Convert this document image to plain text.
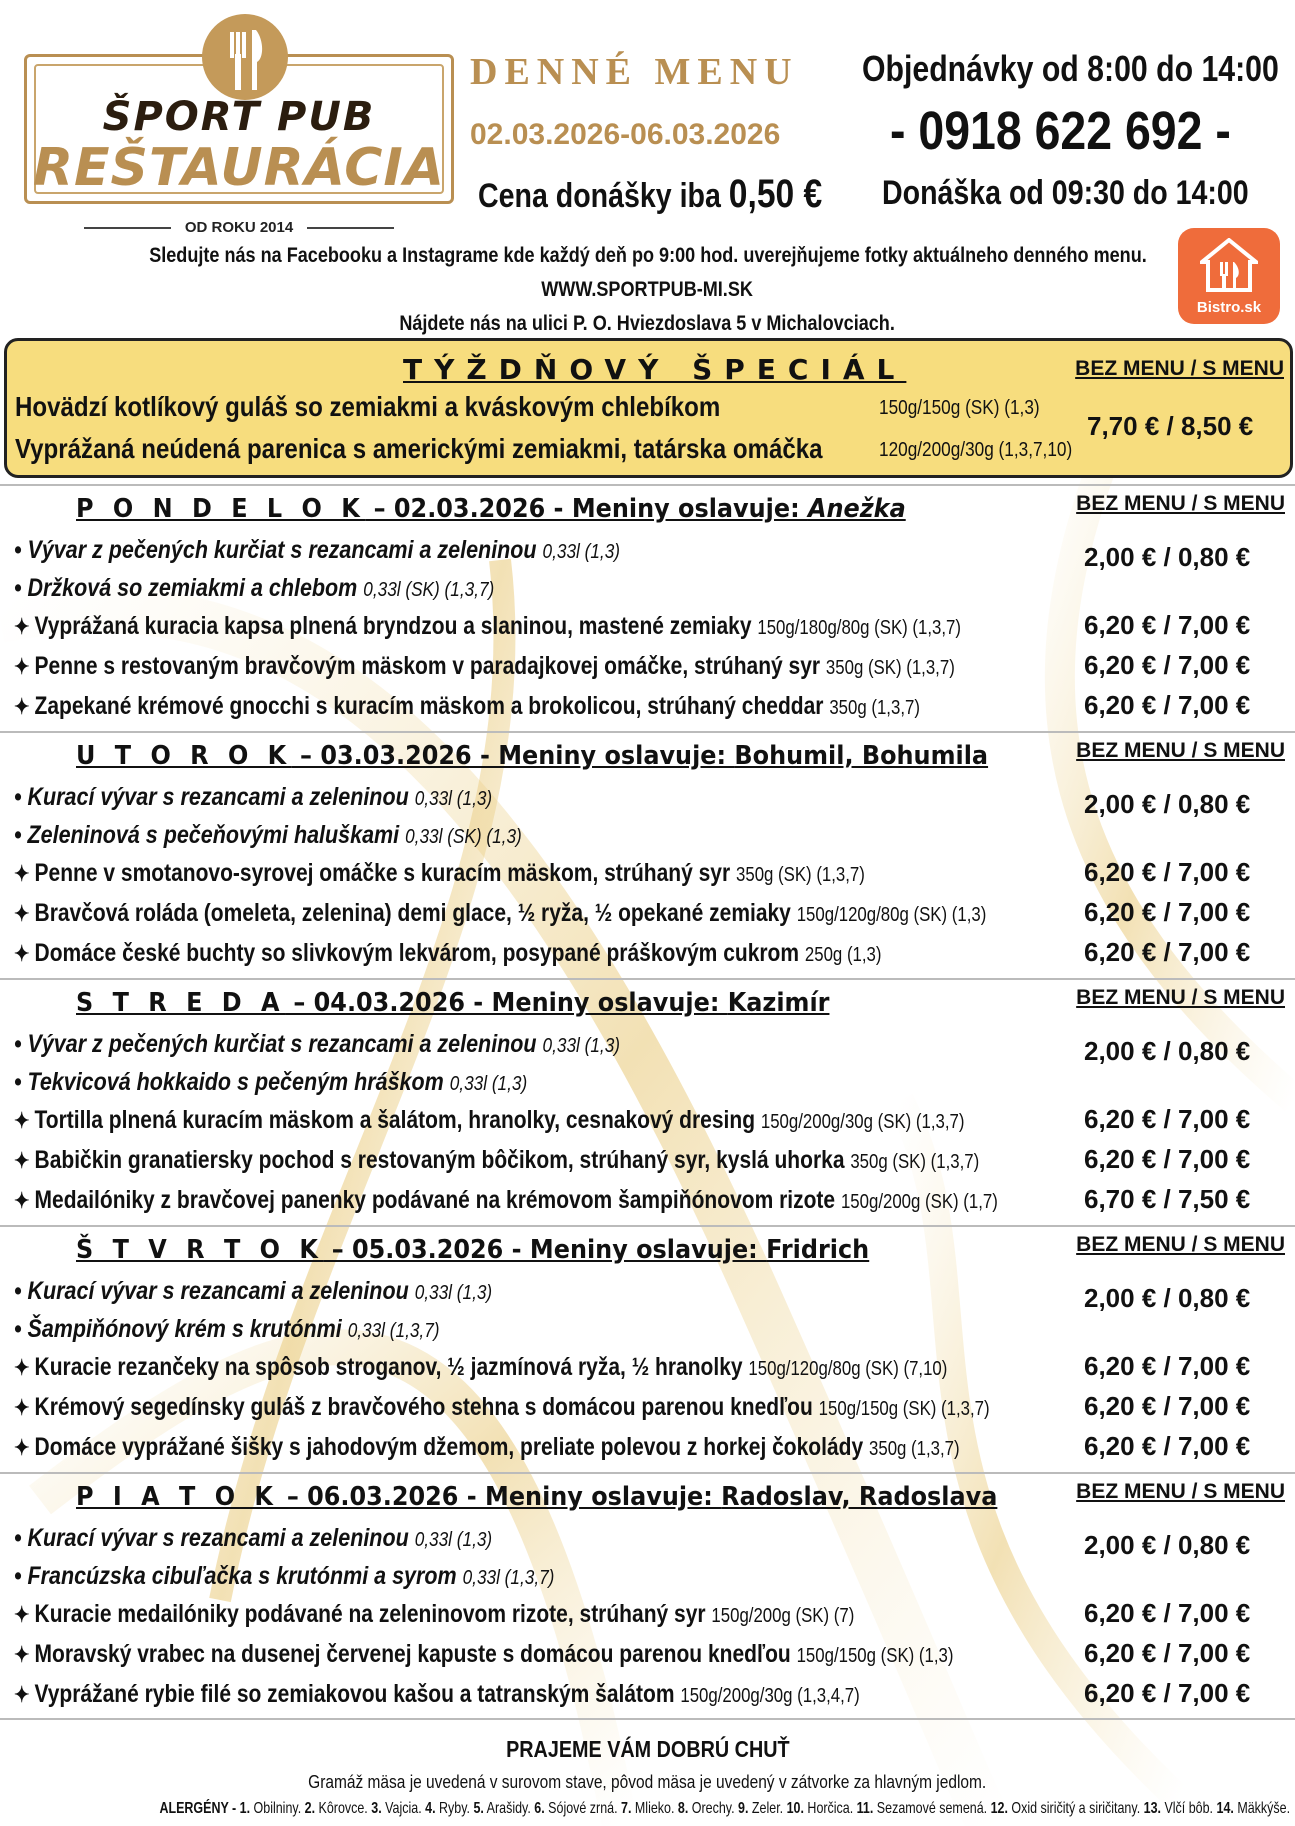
ŠPORT PUB
REŠTAURÁCIA
OD ROKU 2014
DENNÉ MENU
02.03.2026-06.03.2026
Cena donášky iba 0,50 €
Objednávky od 8:00 do 14:00
- 0918 622 692 -
Donáška od 09:30 do 14:00
Sledujte nás na Facebooku a Instagrame kde každý deň po 9:00 hod. uverejňujeme fotky aktuálneho denného menu.
WWW.SPORTPUB-MI.SK
Nájdete nás na ulici P. O. Hviezdoslava 5 v Michalovciach.
Bistro.sk
TÝŽDŇOVÝ ŠPECIÁL	BEZ MENU / S MENU
Hovädzí kotlíkový guláš so zemiakmi a kváskovým chlebíkom	150g/150g (SK) (1,3)
Vyprážaná neúdená parenica s americkými zemiakmi, tatárska omáčka	120g/200g/30g (1,3,7,10)
7,70 € / 8,50 €
P O N D E L O K – 02.03.2026 - Meniny oslavuje: Anežka	BEZ MENU / S MENU
• Vývar z pečených kurčiat s rezancami a zeleninou 0,33l (1,3)
• Držková so zemiakmi a chlebom 0,33l (SK) (1,3,7)
2,00 € / 0,80 €
✦ Vyprážaná kuracia kapsa plnená bryndzou a slaninou, mastené zemiaky 150g/180g/80g (SK) (1,3,7)	6,20 € / 7,00 €
✦ Penne s restovaným bravčovým mäskom v paradajkovej omáčke, strúhaný syr 350g (SK) (1,3,7)	6,20 € / 7,00 €
✦ Zapekané krémové gnocchi s kuracím mäskom a brokolicou, strúhaný cheddar 350g (1,3,7)	6,20 € / 7,00 €
U T O R O K – 03.03.2026 - Meniny oslavuje: Bohumil, Bohumila	BEZ MENU / S MENU
• Kurací vývar s rezancami a zeleninou 0,33l (1,3)
• Zeleninová s pečeňovými haluškami 0,33l (SK) (1,3)
2,00 € / 0,80 €
✦ Penne v smotanovo-syrovej omáčke s kuracím mäskom, strúhaný syr 350g (SK) (1,3,7)	6,20 € / 7,00 €
✦ Bravčová roláda (omeleta, zelenina) demi glace, ½ ryža, ½ opekané zemiaky 150g/120g/80g (SK) (1,3)	6,20 € / 7,00 €
✦ Domáce české buchty so slivkovým lekvárom, posypané práškovým cukrom 250g (1,3)	6,20 € / 7,00 €
S T R E D A – 04.03.2026 - Meniny oslavuje: Kazimír	BEZ MENU / S MENU
• Vývar z pečených kurčiat s rezancami a zeleninou 0,33l (1,3)
• Tekvicová hokkaido s pečeným hráškom 0,33l (1,3)
2,00 € / 0,80 €
✦ Tortilla plnená kuracím mäskom a šalátom, hranolky, cesnakový dresing 150g/200g/30g (SK) (1,3,7)	6,20 € / 7,00 €
✦ Babičkin granatiersky pochod s restovaným bôčikom, strúhaný syr, kyslá uhorka 350g (SK) (1,3,7)	6,20 € / 7,00 €
✦ Medailóniky z bravčovej panenky podávané na krémovom šampiňónovom rizote 150g/200g (SK) (1,7)	6,70 € / 7,50 €
Š T V R T O K – 05.03.2026 - Meniny oslavuje: Fridrich	BEZ MENU / S MENU
• Kurací vývar s rezancami a zeleninou 0,33l (1,3)
• Šampiňónový krém s krutónmi 0,33l (1,3,7)
2,00 € / 0,80 €
✦ Kuracie rezančeky na spôsob stroganov, ½ jazmínová ryža, ½ hranolky 150g/120g/80g (SK) (7,10)	6,20 € / 7,00 €
✦ Krémový segedínsky guláš z bravčového stehna s domácou parenou knedľou 150g/150g (SK) (1,3,7)	6,20 € / 7,00 €
✦ Domáce vyprážané šišky s jahodovým džemom, preliate polevou z horkej čokolády 350g (1,3,7)	6,20 € / 7,00 €
P I A T O K – 06.03.2026 - Meniny oslavuje: Radoslav, Radoslava	BEZ MENU / S MENU
• Kurací vývar s rezancami a zeleninou 0,33l (1,3)
• Francúzska cibuľačka s krutónmi a syrom 0,33l (1,3,7)
2,00 € / 0,80 €
✦ Kuracie medailóniky podávané na zeleninovom rizote, strúhaný syr 150g/200g (SK) (7)	6,20 € / 7,00 €
✦ Moravský vrabec na dusenej červenej kapuste s domácou parenou knedľou 150g/150g (SK) (1,3)	6,20 € / 7,00 €
✦ Vyprážané rybie filé so zemiakovou kašou a tatranským šalátom 150g/200g/30g (1,3,4,7)	6,20 € / 7,00 €
PRAJEME VÁM DOBRÚ CHUŤ
Gramáž mäsa je uvedená v surovom stave, pôvod mäsa je uvedený v zátvorke za hlavným jedlom.
ALERGÉNY - 1. Obilniny. 2. Kôrovce. 3. Vajcia. 4. Ryby. 5. Arašidy. 6. Sójové zrná. 7. Mlieko. 8. Orechy. 9. Zeler. 10. Horčica. 11. Sezamové semená. 12. Oxid siričitý a siričitany. 13. Vlčí bôb. 14. Mäkkýše.
